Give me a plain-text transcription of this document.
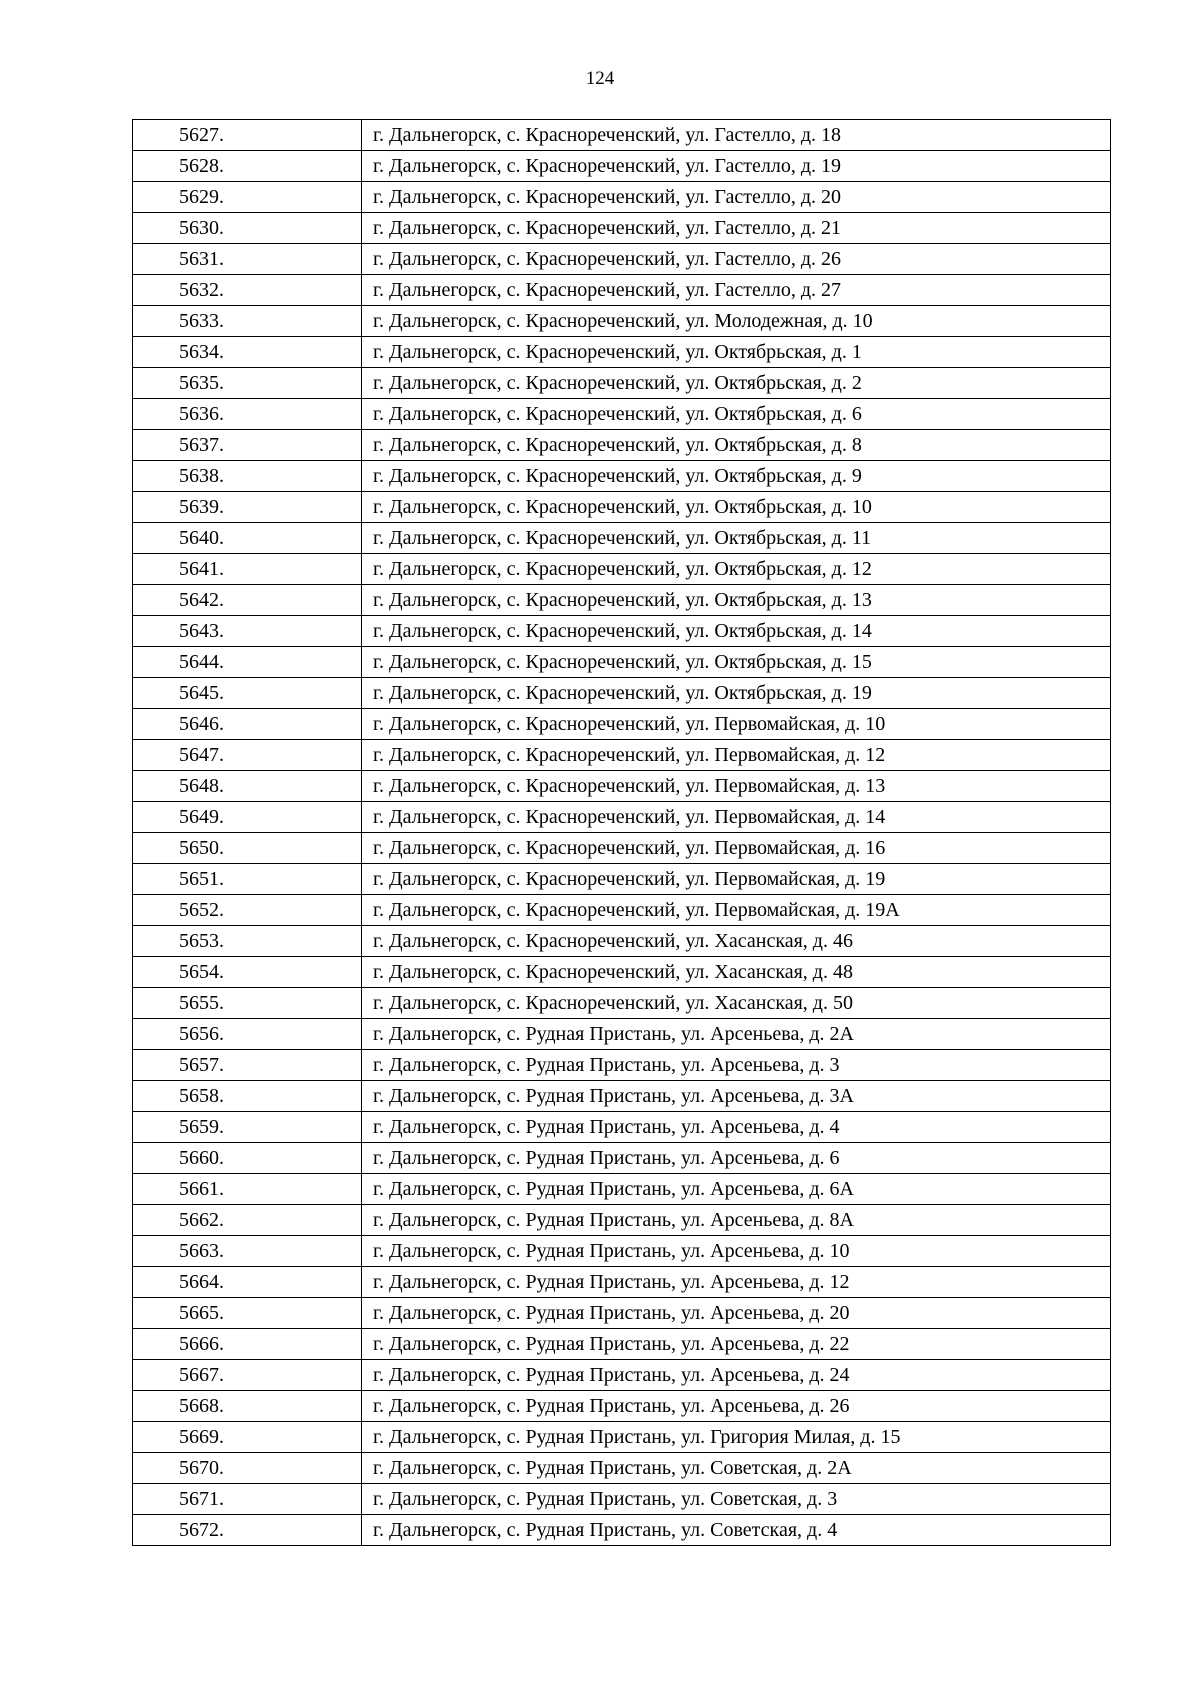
124
5627.	г. Дальнегорск, с. Краснореченский, ул. Гастелло, д. 18
5628.	г. Дальнегорск, с. Краснореченский, ул. Гастелло, д. 19
5629.	г. Дальнегорск, с. Краснореченский, ул. Гастелло, д. 20
5630.	г. Дальнегорск, с. Краснореченский, ул. Гастелло, д. 21
5631.	г. Дальнегорск, с. Краснореченский, ул. Гастелло, д. 26
5632.	г. Дальнегорск, с. Краснореченский, ул. Гастелло, д. 27
5633.	г. Дальнегорск, с. Краснореченский, ул. Молодежная, д. 10
5634.	г. Дальнегорск, с. Краснореченский, ул. Октябрьская, д. 1
5635.	г. Дальнегорск, с. Краснореченский, ул. Октябрьская, д. 2
5636.	г. Дальнегорск, с. Краснореченский, ул. Октябрьская, д. 6
5637.	г. Дальнегорск, с. Краснореченский, ул. Октябрьская, д. 8
5638.	г. Дальнегорск, с. Краснореченский, ул. Октябрьская, д. 9
5639.	г. Дальнегорск, с. Краснореченский, ул. Октябрьская, д. 10
5640.	г. Дальнегорск, с. Краснореченский, ул. Октябрьская, д. 11
5641.	г. Дальнегорск, с. Краснореченский, ул. Октябрьская, д. 12
5642.	г. Дальнегорск, с. Краснореченский, ул. Октябрьская, д. 13
5643.	г. Дальнегорск, с. Краснореченский, ул. Октябрьская, д. 14
5644.	г. Дальнегорск, с. Краснореченский, ул. Октябрьская, д. 15
5645.	г. Дальнегорск, с. Краснореченский, ул. Октябрьская, д. 19
5646.	г. Дальнегорск, с. Краснореченский, ул. Первомайская, д. 10
5647.	г. Дальнегорск, с. Краснореченский, ул. Первомайская, д. 12
5648.	г. Дальнегорск, с. Краснореченский, ул. Первомайская, д. 13
5649.	г. Дальнегорск, с. Краснореченский, ул. Первомайская, д. 14
5650.	г. Дальнегорск, с. Краснореченский, ул. Первомайская, д. 16
5651.	г. Дальнегорск, с. Краснореченский, ул. Первомайская, д. 19
5652.	г. Дальнегорск, с. Краснореченский, ул. Первомайская, д. 19А
5653.	г. Дальнегорск, с. Краснореченский, ул. Хасанская, д. 46
5654.	г. Дальнегорск, с. Краснореченский, ул. Хасанская, д. 48
5655.	г. Дальнегорск, с. Краснореченский, ул. Хасанская, д. 50
5656.	г. Дальнегорск, с. Рудная Пристань, ул. Арсеньева, д. 2А
5657.	г. Дальнегорск, с. Рудная Пристань, ул. Арсеньева, д. 3
5658.	г. Дальнегорск, с. Рудная Пристань, ул. Арсеньева, д. 3А
5659.	г. Дальнегорск, с. Рудная Пристань, ул. Арсеньева, д. 4
5660.	г. Дальнегорск, с. Рудная Пристань, ул. Арсеньева, д. 6
5661.	г. Дальнегорск, с. Рудная Пристань, ул. Арсеньева, д. 6А
5662.	г. Дальнегорск, с. Рудная Пристань, ул. Арсеньева, д. 8А
5663.	г. Дальнегорск, с. Рудная Пристань, ул. Арсеньева, д. 10
5664.	г. Дальнегорск, с. Рудная Пристань, ул. Арсеньева, д. 12
5665.	г. Дальнегорск, с. Рудная Пристань, ул. Арсеньева, д. 20
5666.	г. Дальнегорск, с. Рудная Пристань, ул. Арсеньева, д. 22
5667.	г. Дальнегорск, с. Рудная Пристань, ул. Арсеньева, д. 24
5668.	г. Дальнегорск, с. Рудная Пристань, ул. Арсеньева, д. 26
5669.	г. Дальнегорск, с. Рудная Пристань, ул. Григория Милая, д. 15
5670.	г. Дальнегорск, с. Рудная Пристань, ул. Советская, д. 2А
5671.	г. Дальнегорск, с. Рудная Пристань, ул. Советская, д. 3
5672.	г. Дальнегорск, с. Рудная Пристань, ул. Советская, д. 4
